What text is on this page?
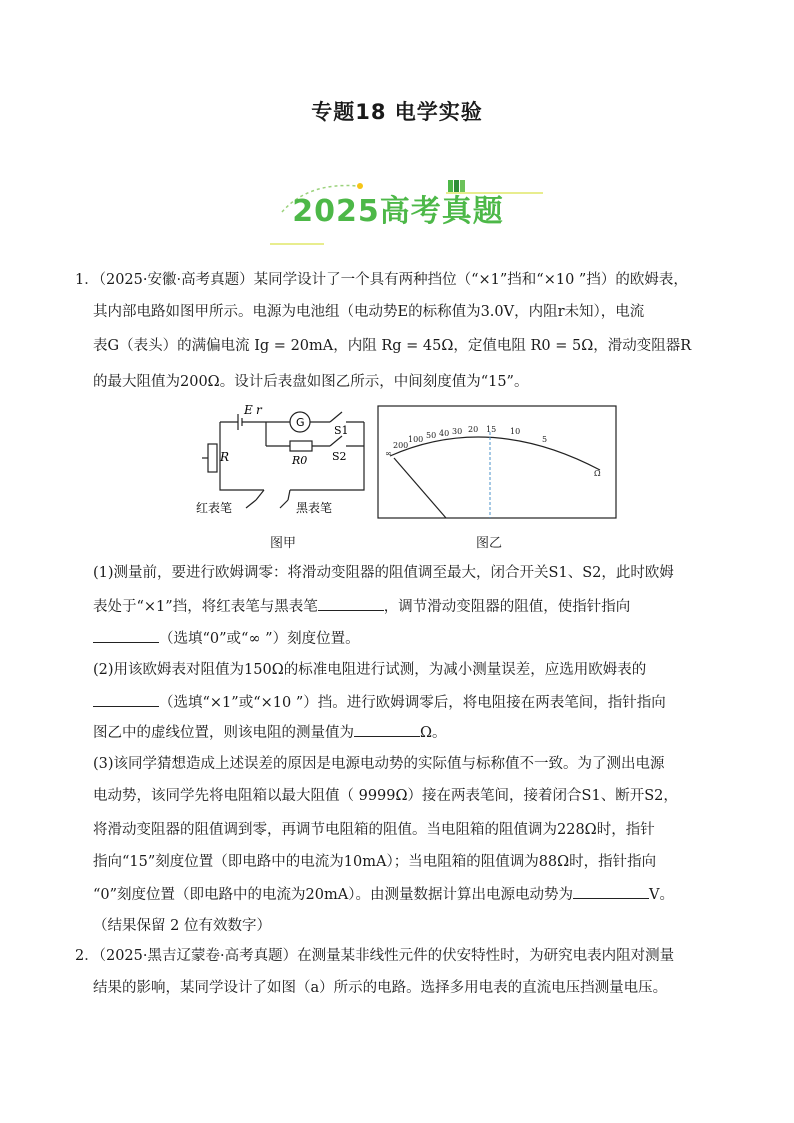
专题18 电学实验
2025高考真题
1．（2025·安徽·高考真题）某同学设计了一个具有两种挡位（“×1”挡和“×10 ”挡）的欧姆表，
其内部电路如图甲所示。电源为电池组（电动势E的标称值为3.0V，内阻r未知），电流
表G（表头）的满偏电流 Ig = 20mA，内阻 Rg = 45Ω，定值电阻 R0 = 5Ω，滑动变阻器R
的最大阻值为200Ω。设计后表盘如图乙所示，中间刻度值为“15”。
E r
G
S1
S2
R0
R
红表笔	黑表笔
∞
200
100 50 40 30 20 15 10
5
Ω
图甲	图乙
(1)测量前，要进行欧姆调零：将滑动变阻器的阻值调至最大，闭合开关S1、S2，此时欧姆
表处于“×1”挡，将红表笔与黑表笔	，调节滑动变阻器的阻值，使指针指向
（选填“0”或“∞ ”）刻度位置。
(2)用该欧姆表对阻值为150Ω的标准电阻进行试测，为减小测量误差，应选用欧姆表的
（选填“×1”或“×10 ”）挡。进行欧姆调零后，将电阻接在两表笔间，指针指向
图乙中的虚线位置，则该电阻的测量值为	Ω。
(3)该同学猜想造成上述误差的原因是电源电动势的实际值与标称值不一致。为了测出电源
电动势，该同学先将电阻箱以最大阻值（ 9999Ω）接在两表笔间，接着闭合S1、断开S2，
将滑动变阻器的阻值调到零，再调节电阻箱的阻值。当电阻箱的阻值调为228Ω时，指针
指向“15”刻度位置（即电路中的电流为10mA）；当电阻箱的阻值调为88Ω时，指针指向
“0”刻度位置（即电路中的电流为20mA）。由测量数据计算出电源电动势为	V。
（结果保留 2 位有效数字）
2．（2025·黑吉辽蒙卷·高考真题）在测量某非线性元件的伏安特性时，为研究电表内阻对测量
结果的影响，某同学设计了如图（a）所示的电路。选择多用电表的直流电压挡测量电压。
